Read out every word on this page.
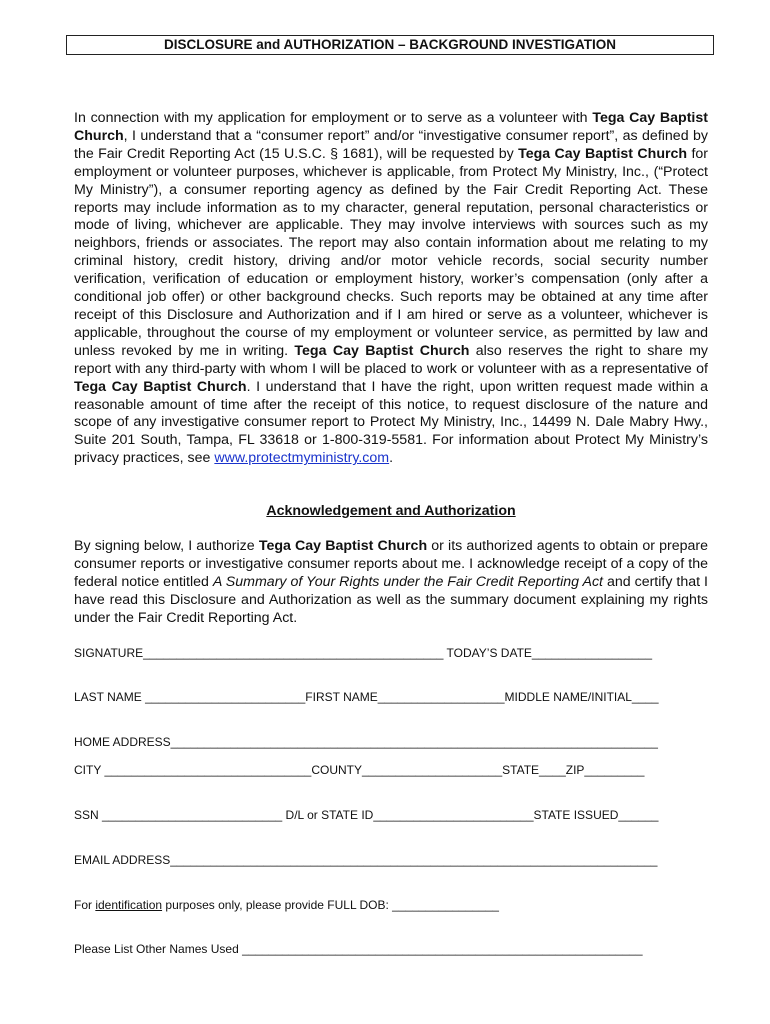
DISCLOSURE and AUTHORIZATION – BACKGROUND INVESTIGATION

In connection with my application for employment or to serve as a volunteer with Tega Cay Baptist Church, I understand that a “consumer report” and/or “investigative consumer report”, as defined by the Fair Credit Reporting Act (15 U.S.C. § 1681), will be requested by Tega Cay Baptist Church for employment or volunteer purposes, whichever is applicable, from Protect My Ministry, Inc., (“Protect My Ministry”), a consumer reporting agency as defined by the Fair Credit Reporting Act. These reports may include information as to my character, general reputation, personal characteristics or mode of living, whichever are applicable. They may involve interviews with sources such as my neighbors, friends or associates. The report may also contain information about me relating to my criminal history, credit history, driving and/or motor vehicle records, social security number verification, verification of education or employment history, worker’s compensation (only after a conditional job offer) or other background checks. Such reports may be obtained at any time after receipt of this Disclosure and Authorization and if I am hired or serve as a volunteer, whichever is applicable, throughout the course of my employment or volunteer service, as permitted by law and unless revoked by me in writing. Tega Cay Baptist Church also reserves the right to share my report with any third-party with whom I will be placed to work or volunteer with as a representative of Tega Cay Baptist Church. I understand that I have the right, upon written request made within a reasonable amount of time after the receipt of this notice, to request disclosure of the nature and scope of any investigative consumer report to Protect My Ministry, Inc., 14499 N. Dale Mabry Hwy., Suite 201 South, Tampa, FL 33618 or 1-800-319-5581. For information about Protect My Ministry’s privacy practices, see www.protectmyministry.com.

Acknowledgement and Authorization

By signing below, I authorize Tega Cay Baptist Church or its authorized agents to obtain or prepare consumer reports or investigative consumer reports about me. I acknowledge receipt of a copy of the federal notice entitled A Summary of Your Rights under the Fair Credit Reporting Act and certify that I have read this Disclosure and Authorization as well as the summary document explaining my rights under the Fair Credit Reporting Act.

SIGNATURE_____________________________________________ TODAY’S DATE__________________
LAST NAME ________________________FIRST NAME___________________MIDDLE NAME/INITIAL____
HOME ADDRESS_________________________________________________________________________
CITY _______________________________COUNTY_____________________STATE____ZIP_________
SSN ___________________________ D/L or STATE ID________________________STATE ISSUED______
EMAIL ADDRESS_________________________________________________________________________
For identification purposes only, please provide FULL DOB: ________________
Please List Other Names Used ____________________________________________________________
